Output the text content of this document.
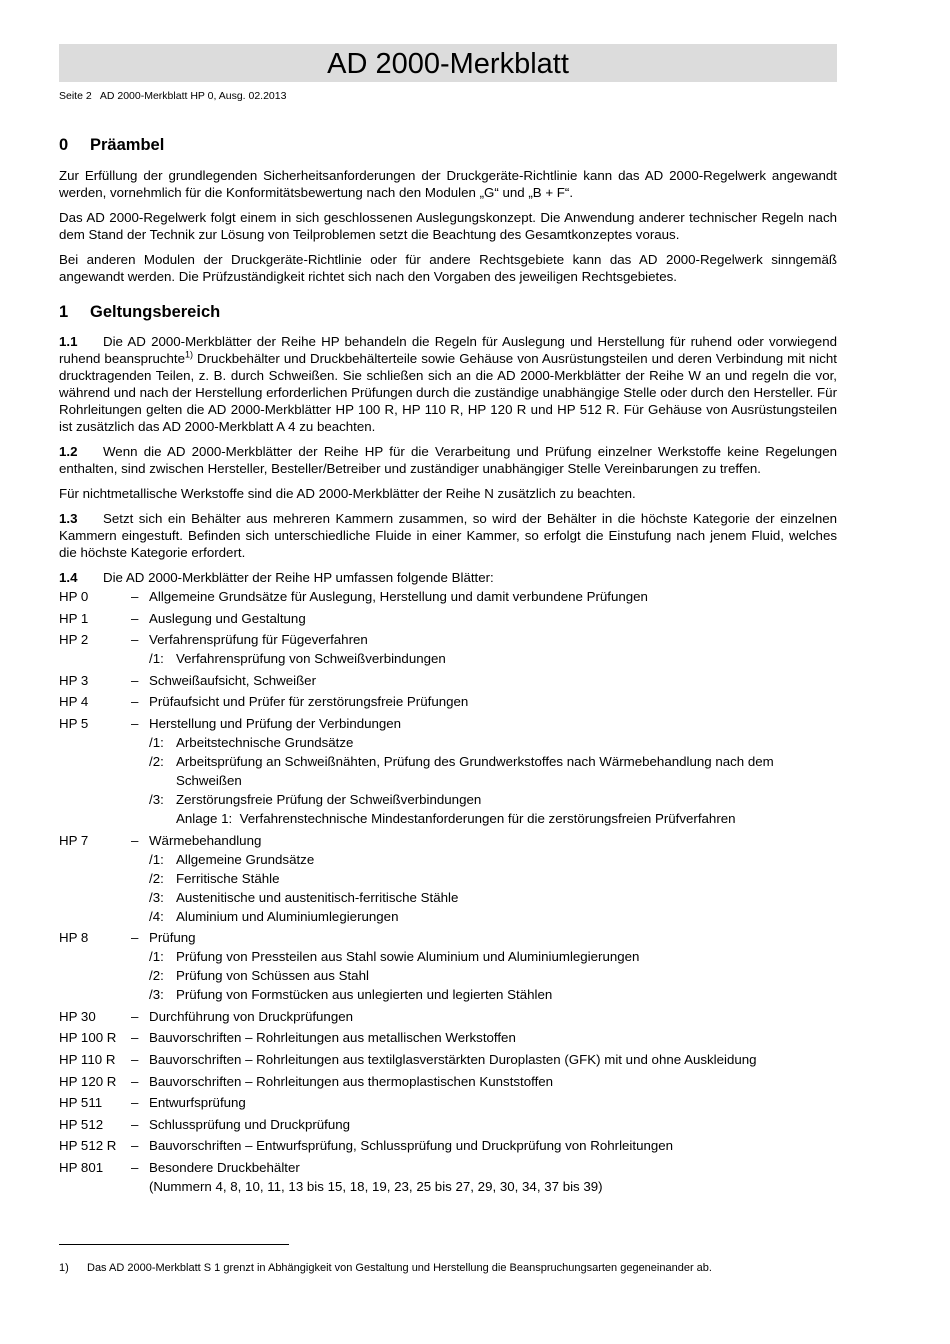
AD 2000-Merkblatt
Seite 2   AD 2000-Merkblatt HP 0, Ausg. 02.2013
0 Präambel

Zur Erfüllung der grundlegenden Sicherheitsanforderungen der Druckgeräte-Richtlinie kann das AD 2000-Regelwerk angewandt werden, vornehmlich für die Konformitätsbewertung nach den Modulen „G“ und „B + F“.

Das AD 2000-Regelwerk folgt einem in sich geschlossenen Auslegungskonzept. Die Anwendung anderer technischer Regeln nach dem Stand der Technik zur Lösung von Teilproblemen setzt die Beachtung des Gesamtkonzeptes voraus.

Bei anderen Modulen der Druckgeräte-Richtlinie oder für andere Rechtsgebiete kann das AD 2000-Regelwerk sinngemäß angewandt werden. Die Prüfzuständigkeit richtet sich nach den Vorgaben des jeweiligen Rechtsgebietes.

1 Geltungsbereich

1.1 Die AD 2000-Merkblätter der Reihe HP behandeln die Regeln für Auslegung und Herstellung für ruhend oder vorwiegend ruhend beanspruchte$^{1)}$ Druckbehälter und Druckbehälterteile sowie Gehäuse von Ausrüstungsteilen und deren Verbindung mit nicht drucktragenden Teilen, z. B. durch Schweißen. Sie schließen sich an die AD 2000-Merkblätter der Reihe W an und regeln die vor, während und nach der Herstellung erforderlichen Prüfungen durch die zuständige unabhängige Stelle oder durch den Hersteller. Für Rohrleitungen gelten die AD 2000-Merkblätter HP 100 R, HP 110 R, HP 120 R und HP 512 R. Für Gehäuse von Ausrüstungsteilen ist zusätzlich das AD 2000-Merkblatt A 4 zu beachten.

1.2 Wenn die AD 2000-Merkblätter der Reihe HP für die Verarbeitung und Prüfung einzelner Werkstoffe keine Regelungen enthalten, sind zwischen Hersteller, Besteller/Betreiber und zuständiger unabhängiger Stelle Vereinbarungen zu treffen.

Für nichtmetallische Werkstoffe sind die AD 2000-Merkblätter der Reihe N zusätzlich zu beachten.

1.3 Setzt sich ein Behälter aus mehreren Kammern zusammen, so wird der Behälter in die höchste Kategorie der einzelnen Kammern eingestuft. Befinden sich unterschiedliche Fluide in einer Kammer, so erfolgt die Einstufung nach jenem Fluid, welches die höchste Kategorie erfordert.

1.4 Die AD 2000-Merkblätter der Reihe HP umfassen folgende Blätter:

HP 0	– Allgemeine Grundsätze für Auslegung, Herstellung und damit verbundene Prüfungen
HP 1	– Auslegung und Gestaltung
HP 2	– Verfahrensprüfung für Fügeverfahren
/1: Verfahrensprüfung von Schweißverbindungen
HP 3	– Schweißaufsicht, Schweißer
HP 4	– Prüfaufsicht und Prüfer für zerstörungsfreie Prüfungen
HP 5	– Herstellung und Prüfung der Verbindungen
/1: Arbeitstechnische Grundsätze
/2: Arbeitsprüfung an Schweißnähten, Prüfung des Grundwerkstoffes nach Wärmebehandlung nach dem Schweißen
/3: Zerstörungsfreie Prüfung der Schweißverbindungen
Anlage 1:  Verfahrenstechnische Mindestanforderungen für die zerstörungsfreien Prüfverfahren
HP 7	– Wärmebehandlung
/1: Allgemeine Grundsätze
/2: Ferritische Stähle
/3: Austenitische und austenitisch-ferritische Stähle
/4: Aluminium und Aluminiumlegierungen
HP 8	– Prüfung
/1: Prüfung von Pressteilen aus Stahl sowie Aluminium und Aluminiumlegierungen
/2: Prüfung von Schüssen aus Stahl
/3: Prüfung von Formstücken aus unlegierten und legierten Stählen
HP 30	– Durchführung von Druckprüfungen
HP 100 R	– Bauvorschriften – Rohrleitungen aus metallischen Werkstoffen
HP 110 R	– Bauvorschriften – Rohrleitungen aus textilglasverstärkten Duroplasten (GFK) mit und ohne Auskleidung
HP 120 R	– Bauvorschriften – Rohrleitungen aus thermoplastischen Kunststoffen
HP 511	– Entwurfsprüfung
HP 512	– Schlussprüfung und Druckprüfung
HP 512 R	– Bauvorschriften – Entwurfsprüfung, Schlussprüfung und Druckprüfung von Rohrleitungen
HP 801	– Besondere Druckbehälter
(Nummern 4, 8, 10, 11, 13 bis 15, 18, 19, 23, 25 bis 27, 29, 30, 34, 37 bis 39)
1)	Das AD 2000-Merkblatt S 1 grenzt in Abhängigkeit von Gestaltung und Herstellung die Beanspruchungsarten gegeneinander ab.
